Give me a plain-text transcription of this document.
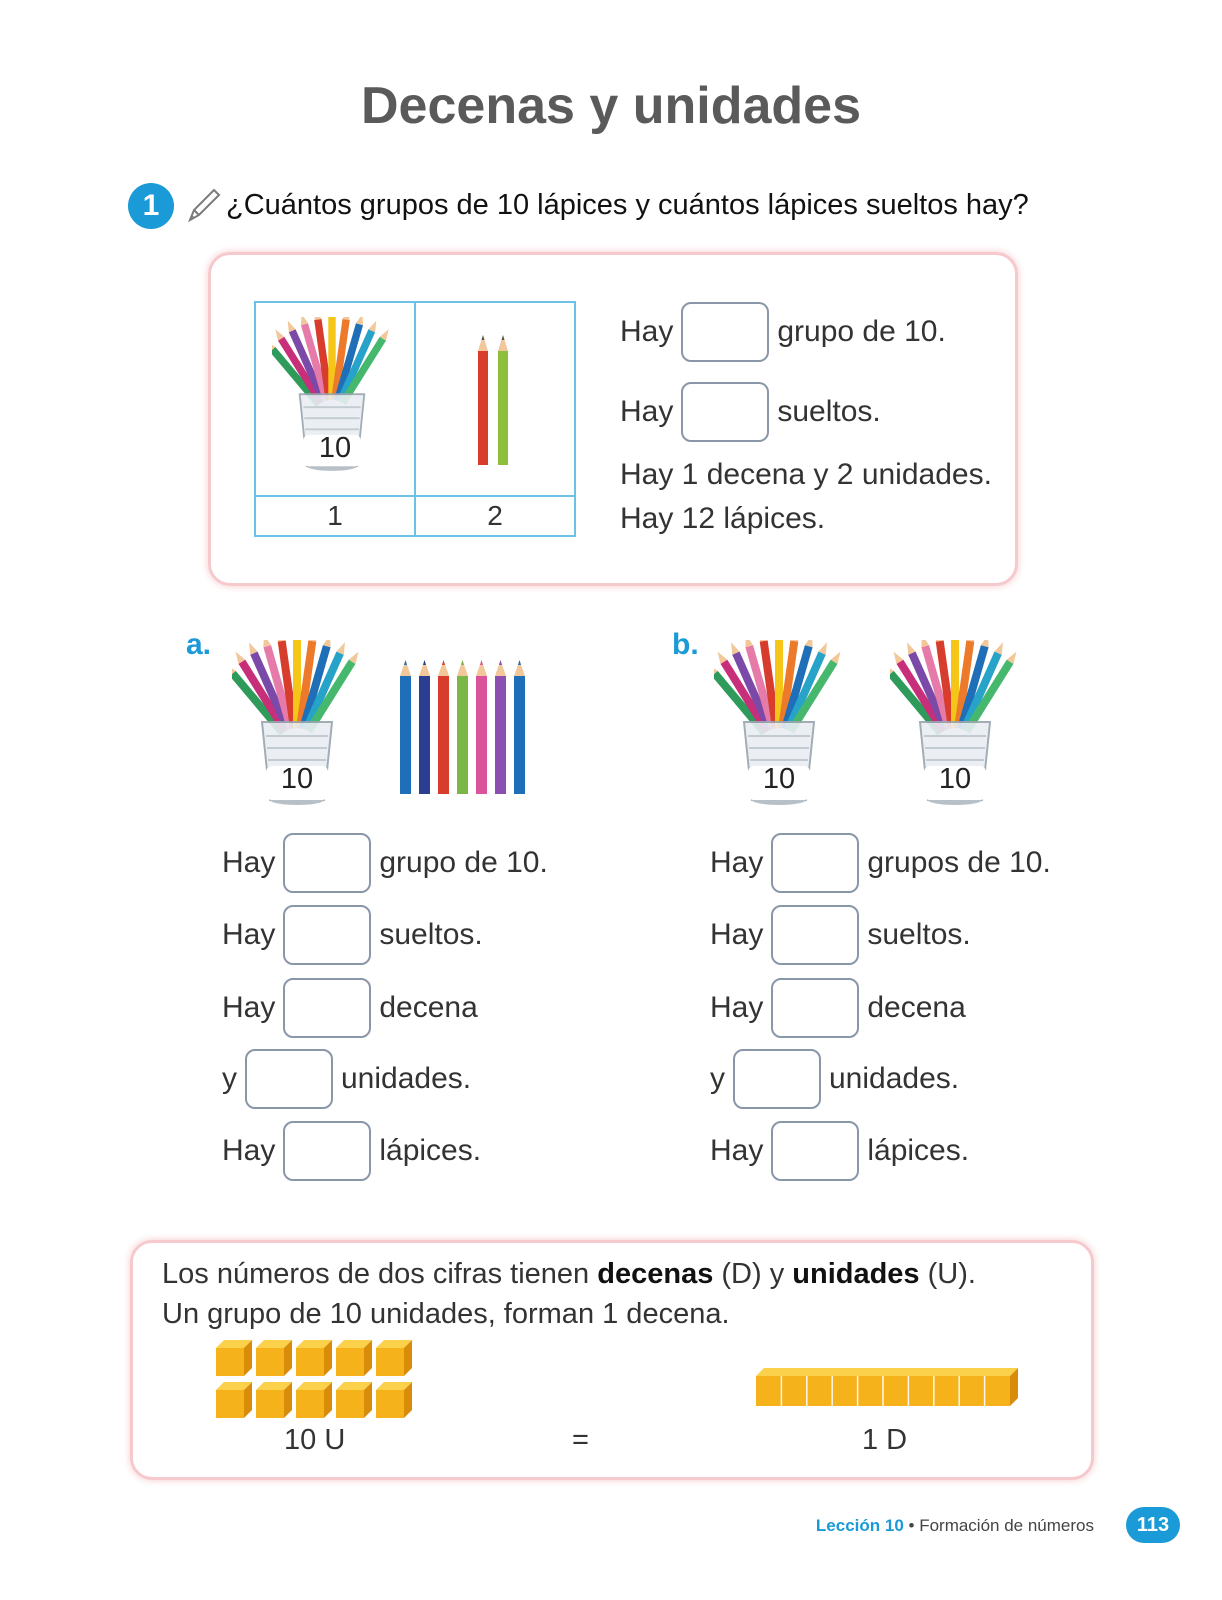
Decenas y unidades
1	¿Cuántos grupos de 10 lápices y cuántos lápices sueltos hay?
10

1	2
Hay	grupo de 10.
Hay	sueltos.
Hay 1 decena y 2 unidades.
Hay 12 lápices.
a.
10
Hay	grupo de 10.
Hay	sueltos.
Hay	decena
y	unidades.
Hay	lápices.
b.
10	10
Hay	grupos de 10.
Hay	sueltos.
Hay	decena
y	unidades.
Hay	lápices.
Los números de dos cifras tienen decenas (D) y unidades (U).
Un grupo de 10 unidades, forman 1 decena.
10 U	=	1 D
Lección 10 • Formación de números	113
